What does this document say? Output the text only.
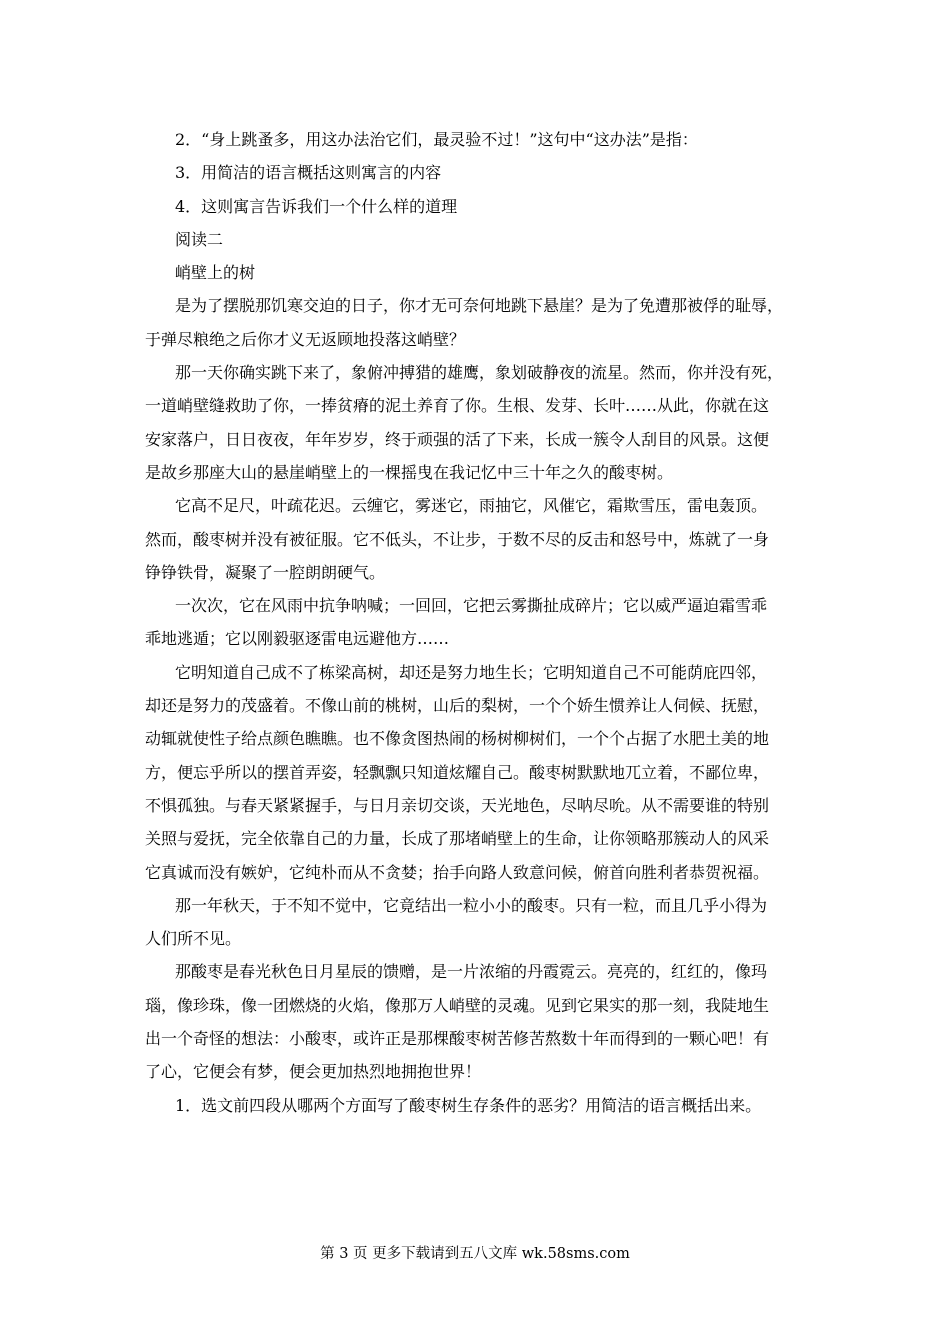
2．“身上跳蚤多，用这办法治它们，最灵验不过！”这句中“这办法”是指：
3．用简洁的语言概括这则寓言的内容
4．这则寓言告诉我们一个什么样的道理
阅读二
峭壁上的树
是为了摆脱那饥寒交迫的日子，你才无可奈何地跳下悬崖？是为了免遭那被俘的耻辱，
于弹尽粮绝之后你才义无返顾地投落这峭壁？
那一天你确实跳下来了，象俯冲搏猎的雄鹰，象划破静夜的流星。然而，你并没有死，
一道峭壁缝救助了你，一捧贫瘠的泥土养育了你。生根、发芽、长叶……从此，你就在这
安家落户，日日夜夜，年年岁岁，终于顽强的活了下来，长成一簇令人刮目的风景。这便
是故乡那座大山的悬崖峭壁上的一棵摇曳在我记忆中三十年之久的酸枣树。
它高不足尺，叶疏花迟。云缠它，雾迷它，雨抽它，风催它，霜欺雪压，雷电轰顶。
然而，酸枣树并没有被征服。它不低头，不让步，于数不尽的反击和怒号中，炼就了一身
铮铮铁骨，凝聚了一腔朗朗硬气。
一次次，它在风雨中抗争呐喊；一回回，它把云雾撕扯成碎片；它以威严逼迫霜雪乖
乖地逃遁；它以刚毅驱逐雷电远避他方……
它明知道自己成不了栋梁高树，却还是努力地生长；它明知道自己不可能荫庇四邻，
却还是努力的茂盛着。不像山前的桃树，山后的梨树，一个个娇生惯养让人伺候、抚慰，
动辄就使性子给点颜色瞧瞧。也不像贪图热闹的杨树柳树们，一个个占据了水肥土美的地
方，便忘乎所以的摆首弄姿，轻飘飘只知道炫耀自己。酸枣树默默地兀立着，不鄙位卑，
不惧孤独。与春天紧紧握手，与日月亲切交谈，天光地色，尽呐尽吮。从不需要谁的特别
关照与爱抚，完全依靠自己的力量，长成了那堵峭壁上的生命，让你领略那簇动人的风采
它真诚而没有嫉妒，它纯朴而从不贪婪；抬手向路人致意问候，俯首向胜利者恭贺祝福。
那一年秋天，于不知不觉中，它竟结出一粒小小的酸枣。只有一粒，而且几乎小得为
人们所不见。
那酸枣是春光秋色日月星辰的馈赠，是一片浓缩的丹霞霓云。亮亮的，红红的，像玛
瑙，像珍珠，像一团燃烧的火焰，像那万人峭壁的灵魂。见到它果实的那一刻，我陡地生
出一个奇怪的想法：小酸枣，或许正是那棵酸枣树苦修苦熬数十年而得到的一颗心吧！有
了心，它便会有梦，便会更加热烈地拥抱世界！
1．选文前四段从哪两个方面写了酸枣树生存条件的恶劣？用简洁的语言概括出来。
第 3 页 更多下载请到五八文库 wk.58sms.com
